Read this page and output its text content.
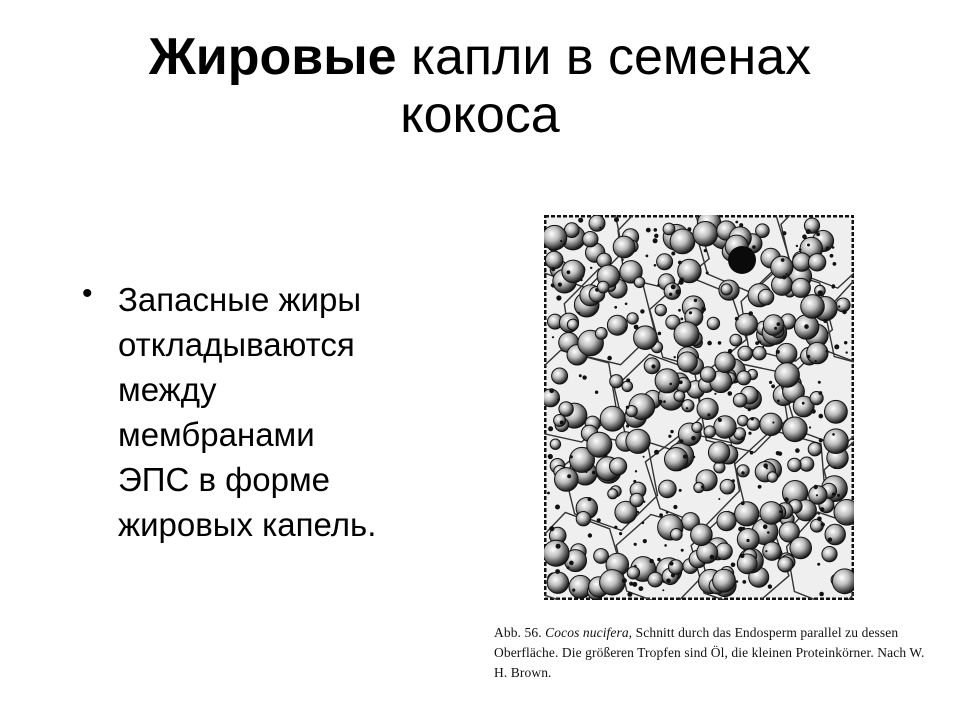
Жировые капли в семенах кокоса
• Запасные жиры
откладываются
между
мембранами
ЭПС в форме
жировых капель.
Abb. 56. Cocos nucifera, Schnitt durch das Endosperm parallel zu dessen Oberfläche. Die größeren Tropfen sind Öl, die kleinen Proteinkörner. Nach W. H. Brown.
